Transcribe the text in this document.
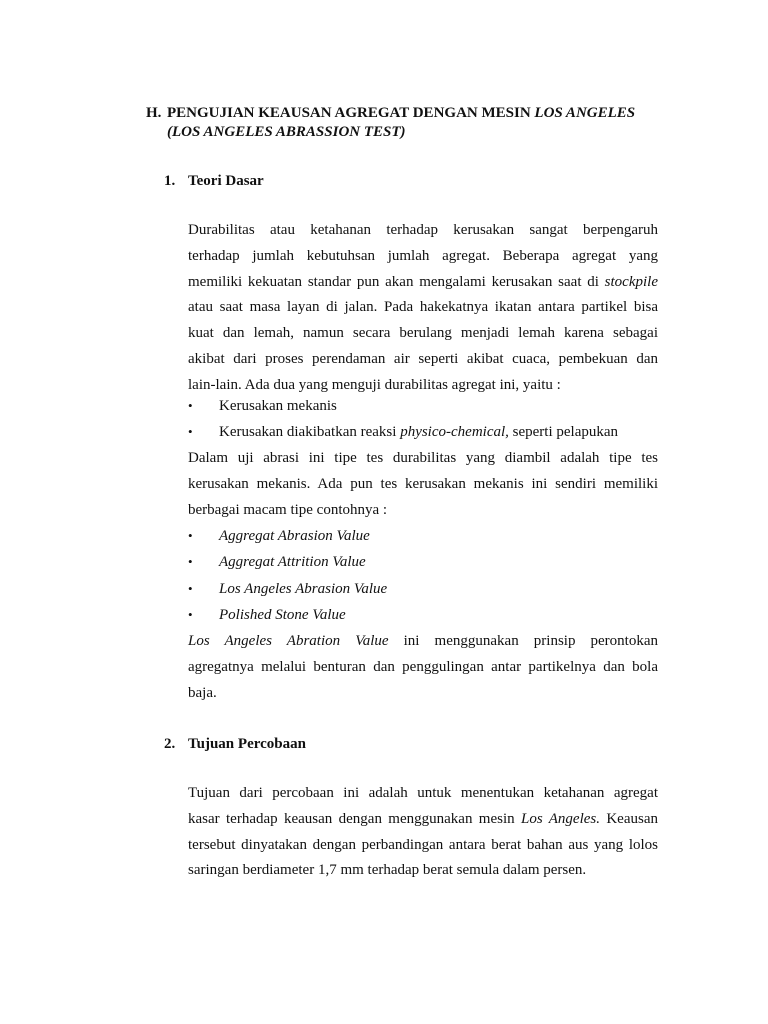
H. PENGUJIAN KEAUSAN AGREGAT DENGAN MESIN LOS ANGELES
(LOS ANGELES ABRASSION TEST)
1. Teori Dasar
Durabilitas atau ketahanan terhadap kerusakan sangat berpengaruh
terhadap jumlah kebutuhsan jumlah agregat. Beberapa agregat yang
memiliki kekuatan standar pun akan mengalami kerusakan saat di stockpile
atau saat masa layan di jalan. Pada hakekatnya ikatan antara partikel bisa
kuat dan lemah, namun secara berulang menjadi lemah karena sebagai
akibat dari proses perendaman air seperti akibat cuaca, pembekuan dan
lain-lain. Ada dua yang menguji durabilitas agregat ini, yaitu :
• Kerusakan mekanis
• Kerusakan diakibatkan reaksi physico-chemical, seperti pelapukan
Dalam uji abrasi ini tipe tes durabilitas yang diambil adalah tipe tes
kerusakan mekanis. Ada pun tes kerusakan mekanis ini sendiri memiliki
berbagai macam tipe contohnya :
• Aggregat Abrasion Value
• Aggregat Attrition Value
• Los Angeles Abrasion Value
• Polished Stone Value
Los Angeles Abration Value ini menggunakan prinsip perontokan
agregatnya melalui benturan dan penggulingan antar partikelnya dan bola
baja.
2. Tujuan Percobaan
Tujuan dari percobaan ini adalah untuk menentukan ketahanan agregat
kasar terhadap keausan dengan menggunakan mesin Los Angeles. Keausan
tersebut dinyatakan dengan perbandingan antara berat bahan aus yang lolos
saringan berdiameter 1,7 mm terhadap berat semula dalam persen.
